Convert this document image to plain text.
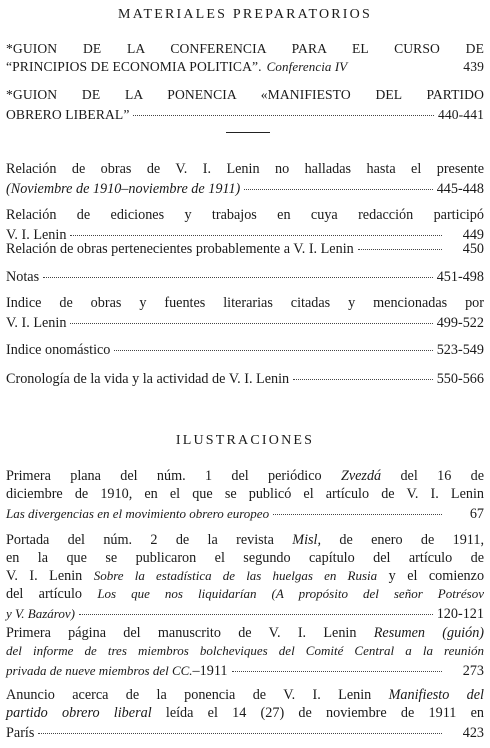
MATERIALES PREPARATORIOS
*GUION DE LA CONFERENCIA PARA EL CURSO DE
“PRINCIPIOS DE ECONOMIA POLITICA”. Conferencia IV	439
*GUION DE LA PONENCIA «MANIFIESTO DEL PARTIDO
OBRERO LIBERAL”	440-441
Relación de obras de V. I. Lenin no halladas hasta el presente
(Noviembre de 1910–noviembre de 1911)	445-448
Relación de ediciones y trabajos en cuya redacción participó
V. I. Lenin	449
Relación de obras pertenecientes probablemente a V. I. Lenin	450
Notas	451-498
Indice de obras y fuentes literarias citadas y mencionadas por
V. I. Lenin	499-522
Indice onomástico	523-549
Cronología de la vida y la actividad de V. I. Lenin	550-566
ILUSTRACIONES
Primera plana del núm. 1 del periódico Zvezdá del 16 de
diciembre de 1910, en el que se publicó el artículo de V. I. Lenin
Las divergencias en el movimiento obrero europeo	67
Portada del núm. 2 de la revista Misl, de enero de 1911,
en la que se publicaron el segundo capítulo del artículo de
V. I. Lenin Sobre la estadística de las huelgas en Rusia y el comienzo
del artículo Los que nos liquidarían (A propósito del señor Potrésov
y V. Bazárov)	120-121
Primera página del manuscrito de V. I. Lenin Resumen (guión)
del informe de tres miembros bolcheviques del Comité Central a la reunión
privada de nueve miembros del CC. –1911	273
Anuncio acerca de la ponencia de V. I. Lenin Manifiesto del
partido obrero liberal leída el 14 (27) de noviembre de 1911 en
París	423
